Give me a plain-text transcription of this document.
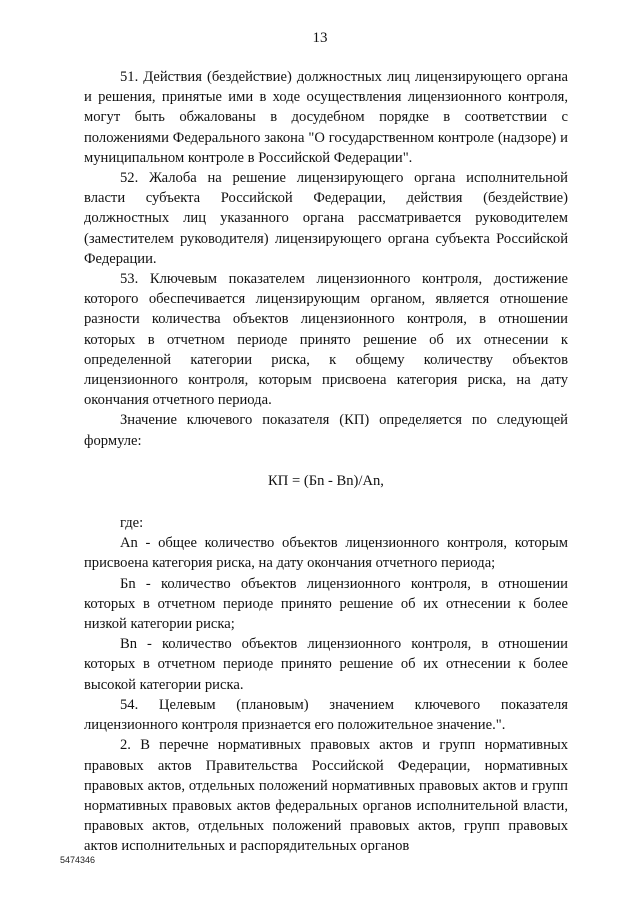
13

51. Действия (бездействие) должностных лиц лицензирующего органа и решения, принятые ими в ходе осуществления лицензионного контроля, могут быть обжалованы в досудебном порядке в соответствии с положениями Федерального закона "О государственном контроле (надзоре) и муниципальном контроле в Российской Федерации".

52. Жалоба на решение лицензирующего органа исполнительной власти субъекта Российской Федерации, действия (бездействие) должностных лиц указанного органа рассматривается руководителем (заместителем руководителя) лицензирующего органа субъекта Российской Федерации.

53. Ключевым показателем лицензионного контроля, достижение которого обеспечивается лицензирующим органом, является отношение разности количества объектов лицензионного контроля, в отношении которых в отчетном периоде принято решение об их отнесении к определенной категории риска, к общему количеству объектов лицензионного контроля, которым присвоена категория риска, на дату окончания отчетного периода.

Значение ключевого показателя (КП) определяется по следующей формуле:

КП = (Бn - Вn)/Аn,

где:

Аn - общее количество объектов лицензионного контроля, которым присвоена категория риска, на дату окончания отчетного периода;

Бn - количество объектов лицензионного контроля, в отношении которых в отчетном периоде принято решение об их отнесении к более низкой категории риска;

Вn - количество объектов лицензионного контроля, в отношении которых в отчетном периоде принято решение об их отнесении к более высокой категории риска.

54. Целевым (плановым) значением ключевого показателя лицензионного контроля признается его положительное значение.".

2. В перечне нормативных правовых актов и групп нормативных правовых актов Правительства Российской Федерации, нормативных правовых актов, отдельных положений нормативных правовых актов и групп нормативных правовых актов федеральных органов исполнительной власти, правовых актов, отдельных положений правовых актов, групп правовых актов исполнительных и распорядительных органов

5474346
